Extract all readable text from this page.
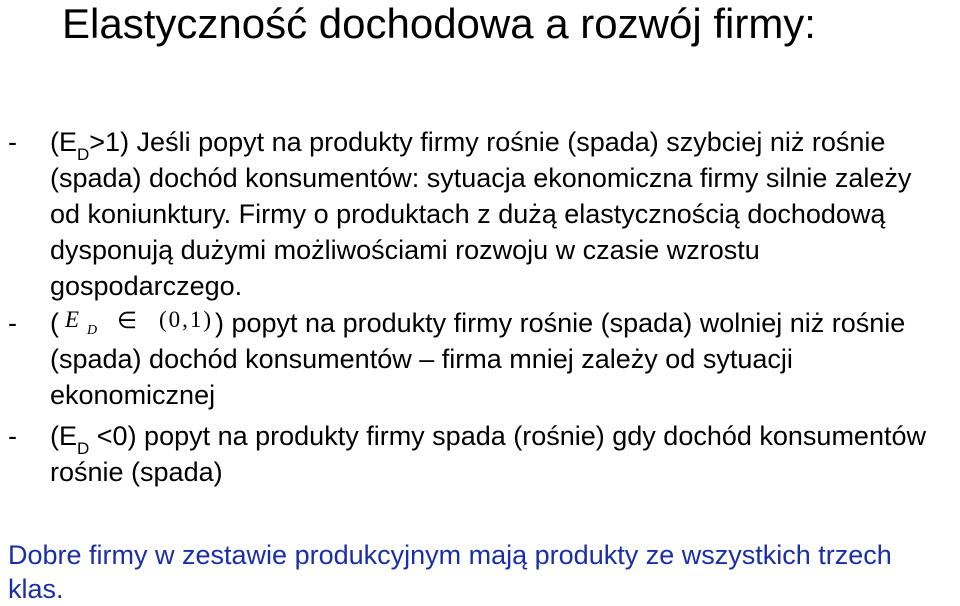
Elastyczność dochodowa a rozwój firmy:
- $(E_D>1)$ Jeśli popyt na produkty firmy rośnie (spada) szybciej niż rośnie (spada) dochód konsumentów: sytuacja ekonomiczna firmy silnie zależy od koniunktury. Firmy o produktach z dużą elastycznością dochodową dysponują dużymi możliwościami rozwoju w czasie wzrostu gospodarczego.
- ( E D ∈ (0,1) ) popyt na produkty firmy rośnie (spada) wolniej niż rośnie (spada) dochód konsumentów – firma mniej zależy od sytuacji ekonomicznej
- $(E_D <0)$ popyt na produkty firmy spada (rośnie) gdy dochód konsumentów rośnie (spada)
Dobre firmy w zestawie produkcyjnym mają produkty ze wszystkich trzech klas.
